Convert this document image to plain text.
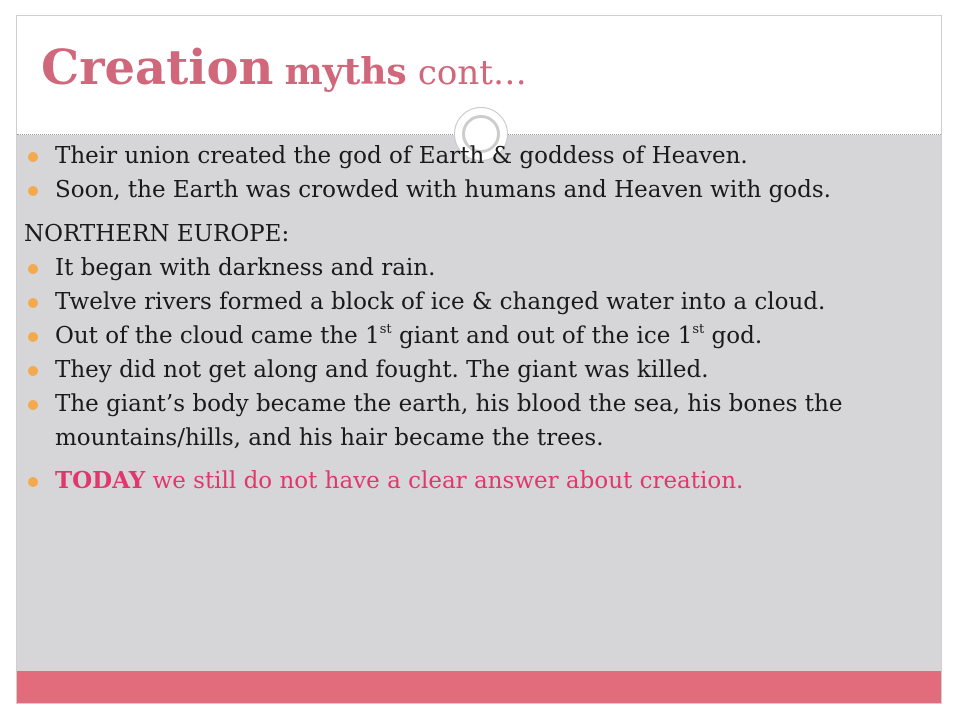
Creation myths cont…
Their union created the god of Earth & goddess of Heaven.
Soon, the Earth was crowded with humans and Heaven with gods.
NORTHERN EUROPE:
It began with darkness and rain.
Twelve rivers formed a block of ice & changed water into a cloud.
Out of the cloud came the 1st giant and out of the ice 1st god.
They did not get along and fought. The giant was killed.
The giant’s body became the earth, his blood the sea, his bones the mountains/hills, and his hair became the trees.
TODAY we still do not have a clear answer about creation.
